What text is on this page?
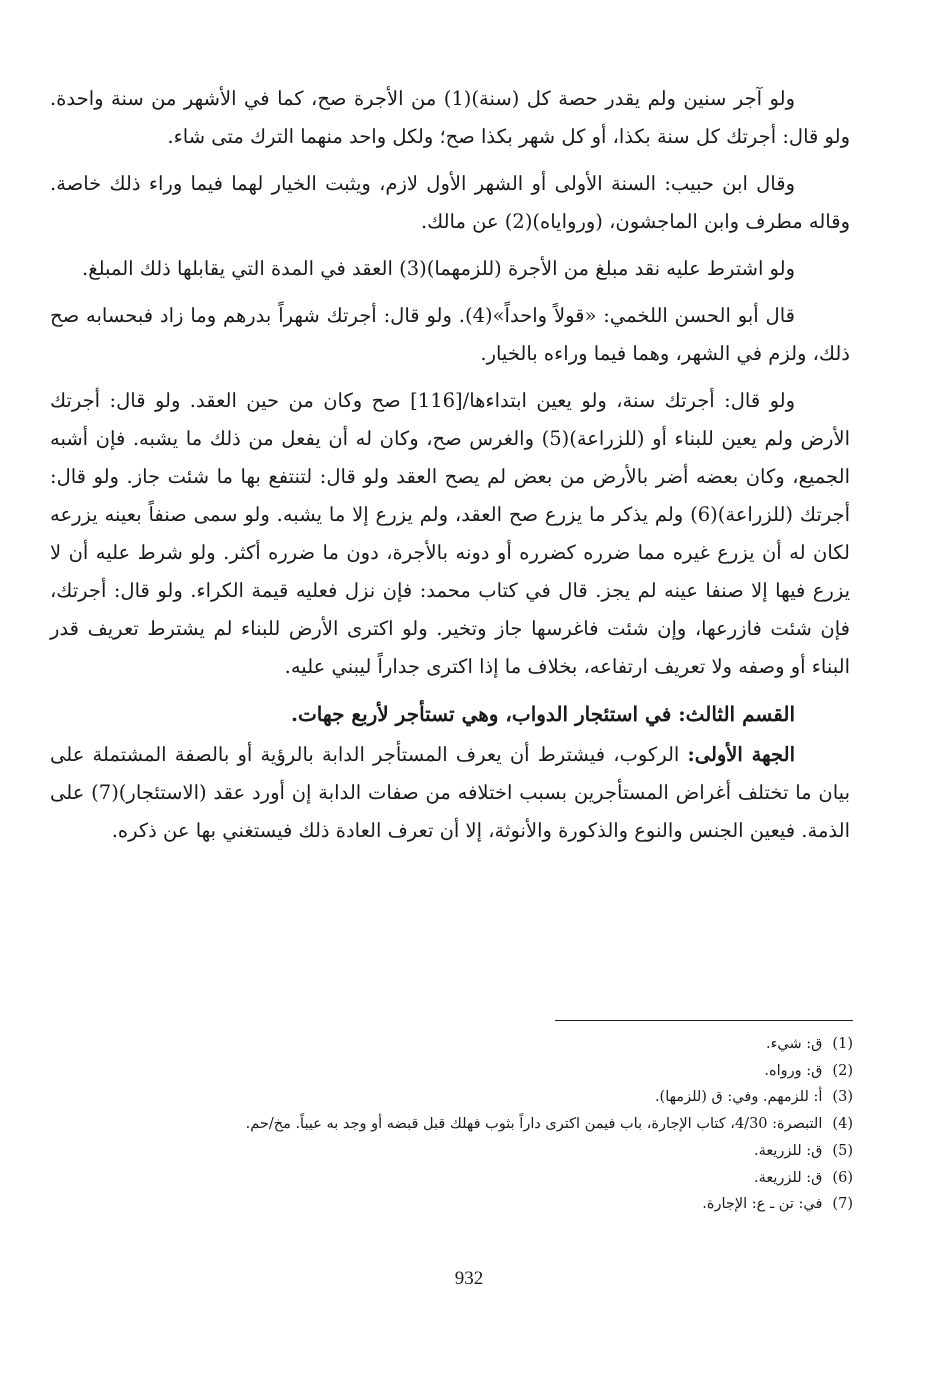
ولو آجر سنين ولم يقدر حصة كل (سنة)(1) من الأجرة صح، كما في الأشهر من سنة واحدة. ولو قال: أجرتك كل سنة بكذا، أو كل شهر بكذا صح؛ ولكل واحد منهما الترك متى شاء.

وقال ابن حبيب: السنة الأولى أو الشهر الأول لازم، ويثبت الخيار لهما فيما وراء ذلك خاصة. وقاله مطرف وابن الماجشون، (ورواياه)(2) عن مالك.

ولو اشترط عليه نقد مبلغ من الأجرة (للزمهما)(3) العقد في المدة التي يقابلها ذلك المبلغ.

قال أبو الحسن اللخمي: «قولاً واحداً»(4). ولو قال: أجرتك شهراً بدرهم وما زاد فبحسابه صح ذلك، ولزم في الشهر، وهما فيما وراءه بالخيار.

ولو قال: أجرتك سنة، ولو يعين ابتداءها/[116] صح وكان من حين العقد. ولو قال: أجرتك الأرض ولم يعين للبناء أو (للزراعة)(5) والغرس صح، وكان له أن يفعل من ذلك ما يشبه. فإن أشبه الجميع، وكان بعضه أضر بالأرض من بعض لم يصح العقد ولو قال: لتنتفع بها ما شئت جاز. ولو قال: أجرتك (للزراعة)(6) ولم يذكر ما يزرع صح العقد، ولم يزرع إلا ما يشبه. ولو سمى صنفاً بعينه يزرعه لكان له أن يزرع غيره مما ضرره كضرره أو دونه بالأجرة، دون ما ضرره أكثر. ولو شرط عليه أن لا يزرع فيها إلا صنفا عينه لم يجز. قال في كتاب محمد: فإن نزل فعليه قيمة الكراء. ولو قال: أجرتك، فإن شئت فازرعها، وإن شئت فاغرسها جاز وتخير. ولو اكترى الأرض للبناء لم يشترط تعريف قدر البناء أو وصفه ولا تعريف ارتفاعه، بخلاف ما إذا اكترى جداراً ليبني عليه.

القسم الثالث: في استئجار الدواب، وهي تستأجر لأربع جهات.

الجهة الأولى: الركوب، فيشترط أن يعرف المستأجر الدابة بالرؤية أو بالصفة المشتملة على بيان ما تختلف أغراض المستأجرين بسبب اختلافه من صفات الدابة إن أورد عقد (الاستئجار)(7) على الذمة. فيعين الجنس والنوع والذكورة والأنوثة، إلا أن تعرف العادة ذلك فيستغني بها عن ذكره.

(1) ق: شيء.
(2) ق: ورواه.
(3) أ: للزمهم. وفي: ق (للزمها).
(4) التبصرة: 4/30، كتاب الإجارة، باب فيمن اكترى داراً بثوب فهلك قبل قبضه أو وجد به عيباً. مخ/حم.
(5) ق: للزريعة.
(6) ق: للزريعة.
(7) في: تن ـ ع: الإجارة.
932
